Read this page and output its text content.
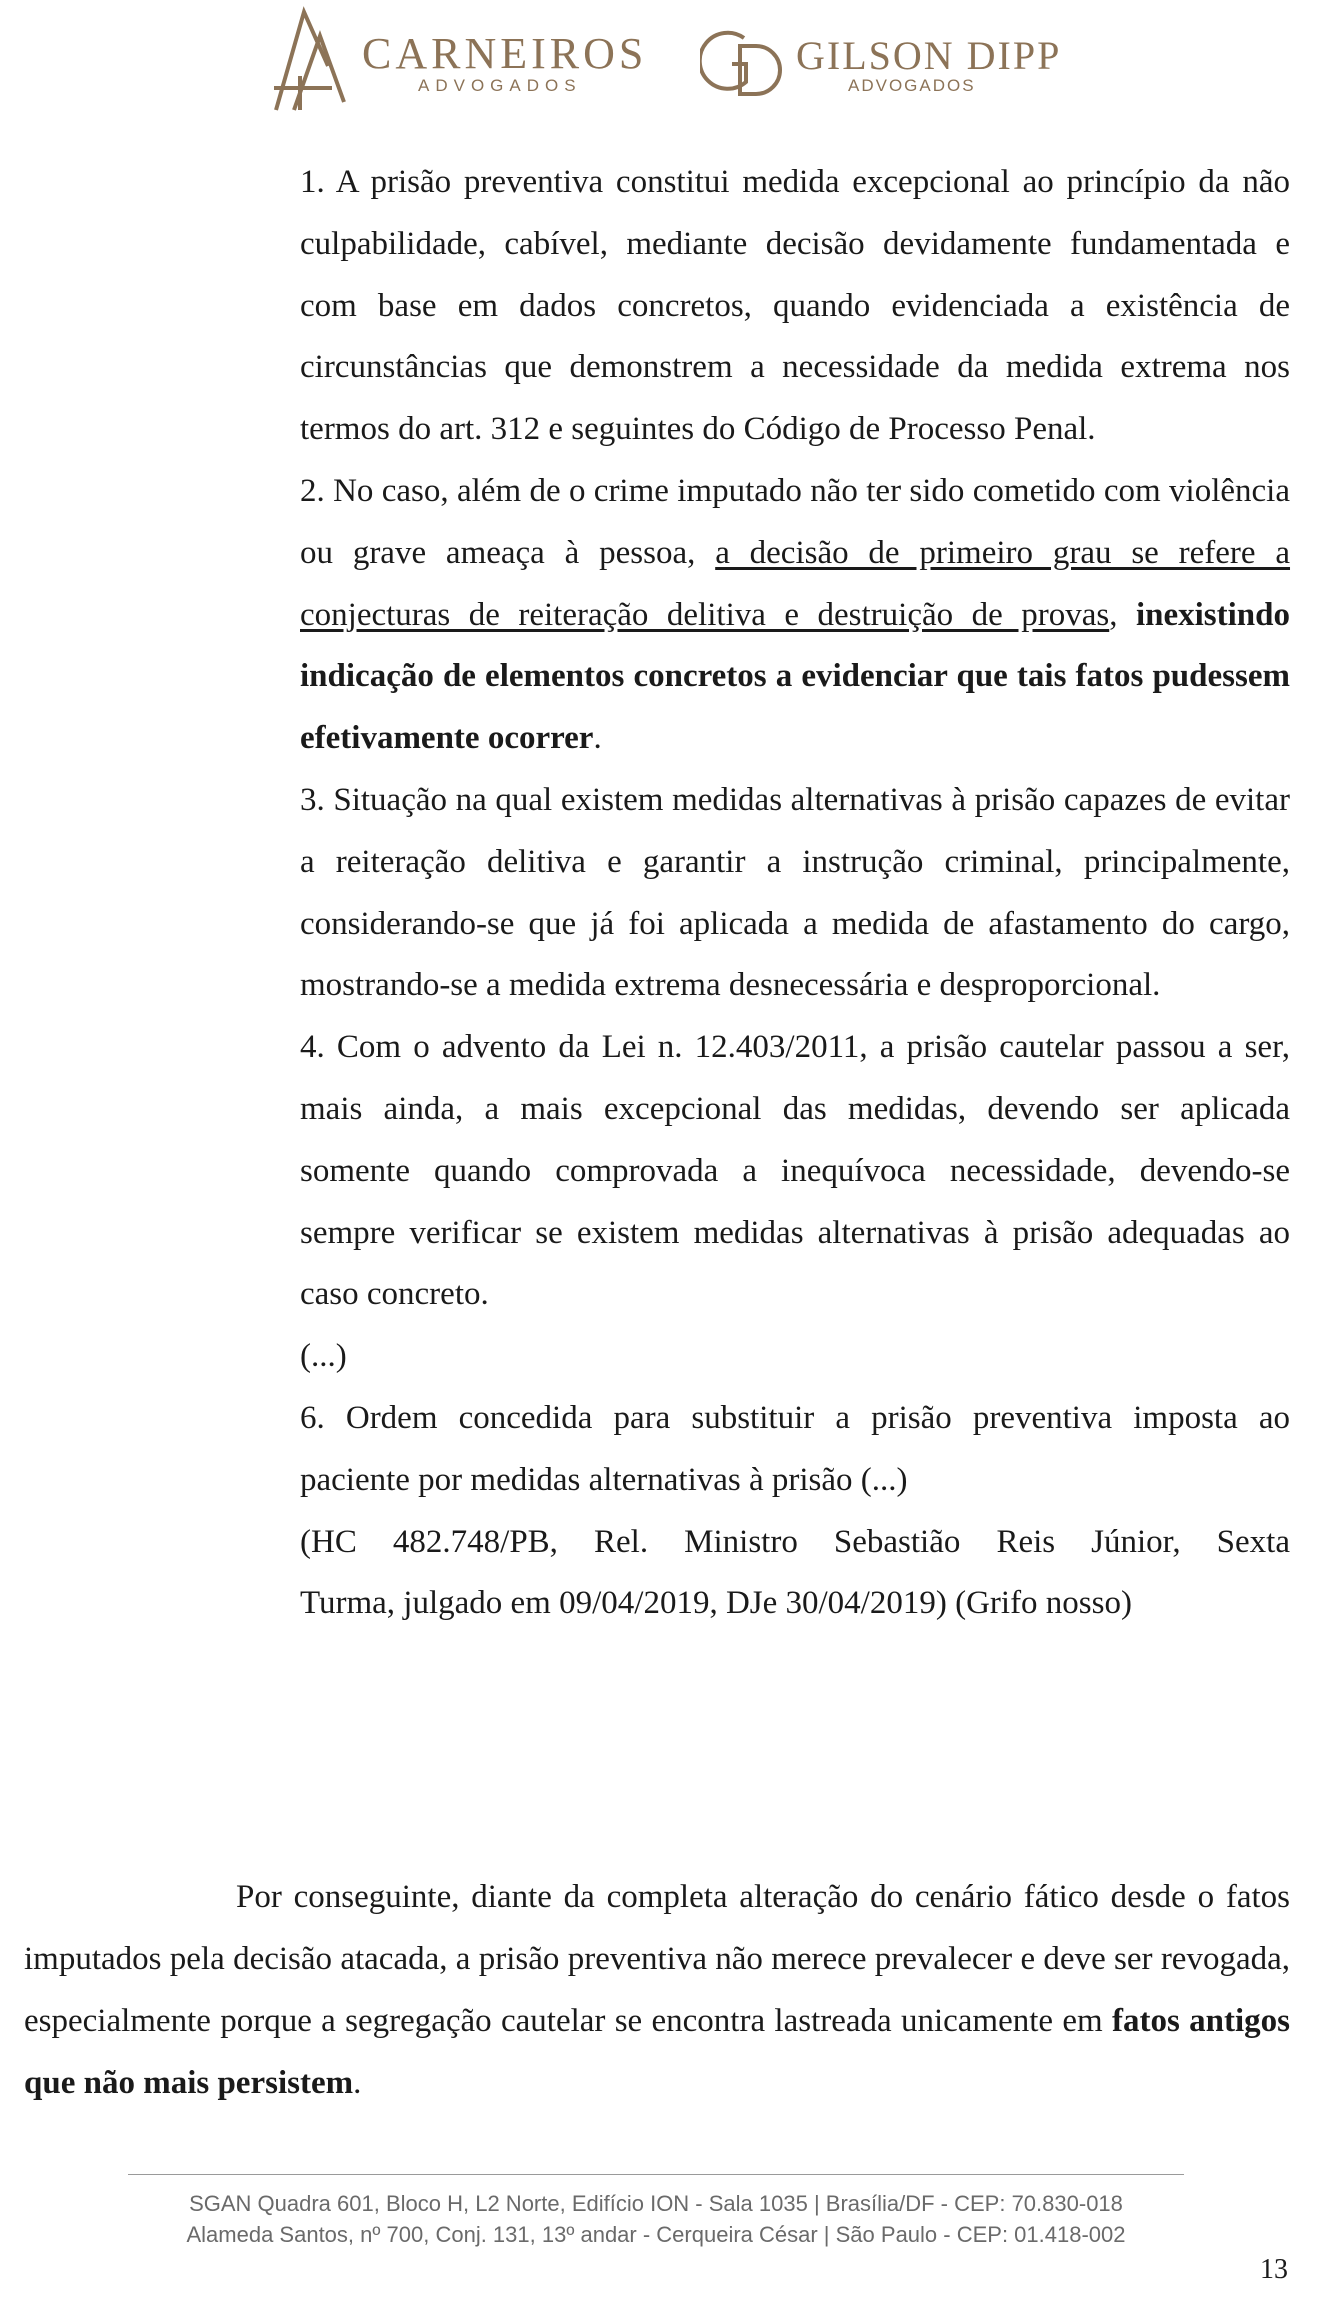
CARNEIROS
ADVOGADOS
GILSON DIPP
ADVOGADOS

1. A prisão preventiva constitui medida excepcional ao princípio da não culpabilidade, cabível, mediante decisão devidamente fundamentada e com base em dados concretos, quando evidenciada a existência de circunstâncias que demonstrem a necessidade da medida extrema nos termos do art. 312 e seguintes do Código de Processo Penal.

2. No caso, além de o crime imputado não ter sido cometido com violência ou grave ameaça à pessoa, a decisão de primeiro grau se refere a conjecturas de reiteração delitiva e destruição de provas, inexistindo indicação de elementos concretos a evidenciar que tais fatos pudessem efetivamente ocorrer.

3. Situação na qual existem medidas alternativas à prisão capazes de evitar a reiteração delitiva e garantir a instrução criminal, principalmente, considerando-se que já foi aplicada a medida de afastamento do cargo, mostrando-se a medida extrema desnecessária e desproporcional.

4. Com o advento da Lei n. 12.403/2011, a prisão cautelar passou a ser, mais ainda, a mais excepcional das medidas, devendo ser aplicada somente quando comprovada a inequívoca necessidade, devendo-se sempre verificar se existem medidas alternativas à prisão adequadas ao caso concreto.

(...)

6. Ordem concedida para substituir a prisão preventiva imposta ao paciente por medidas alternativas à prisão (...)

(HC 482.748/PB, Rel. Ministro Sebastião Reis Júnior, Sexta

Turma, julgado em 09/04/2019, DJe 30/04/2019) (Grifo nosso)

Por conseguinte, diante da completa alteração do cenário fático desde o fatos imputados pela decisão atacada, a prisão preventiva não merece prevalecer e deve ser revogada, especialmente porque a segregação cautelar se encontra lastreada unicamente em fatos antigos que não mais persistem.

SGAN Quadra 601, Bloco H, L2 Norte, Edifício ION - Sala 1035 | Brasília/DF - CEP: 70.830-018
Alameda Santos, nº 700, Conj. 131, 13º andar - Cerqueira César | São Paulo - CEP: 01.418-002
13
